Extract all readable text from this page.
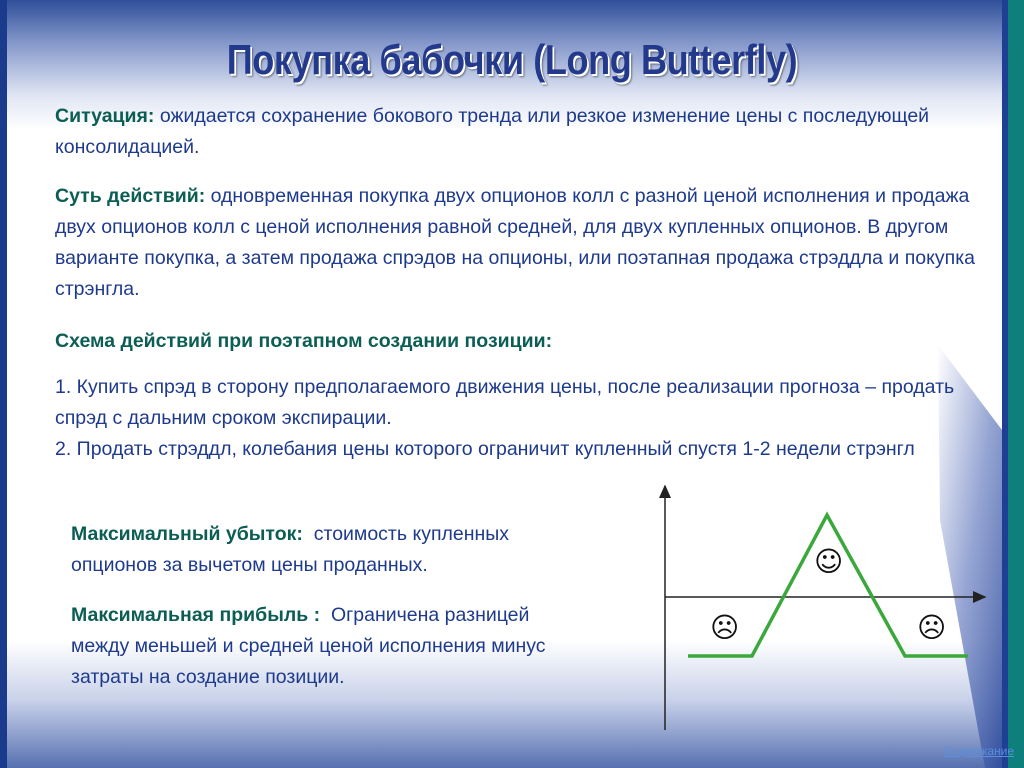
Покупка бабочки (Long Butterfly)
Ситуация: ожидается сохранение бокового тренда или резкое изменение цены с последующей консолидацией.
Суть действий: одновременная покупка двух опционов колл с разной ценой исполнения и продажа двух опционов колл с ценой исполнения равной средней, для двух купленных опционов. В другом варианте покупка, а затем продажа спрэдов на опционы, или поэтапная продажа стрэддла и покупка стрэнгла.
Схема действий при поэтапном создании позиции:
1. Купить спрэд в сторону предполагаемого движения цены, после реализации прогноза – продать спрэд с дальним сроком экспирации.
2. Продать стрэддл, колебания цены которого ограничит купленный спустя 1-2 недели стрэнгл
Максимальный убыток: стоимость купленных опционов за вычетом цены проданных.
Максимальная прибыль : Ограничена разницей между меньшей и средней ценой исполнения минус затраты на создание позиции.
☺
☹	☹
Содержание
